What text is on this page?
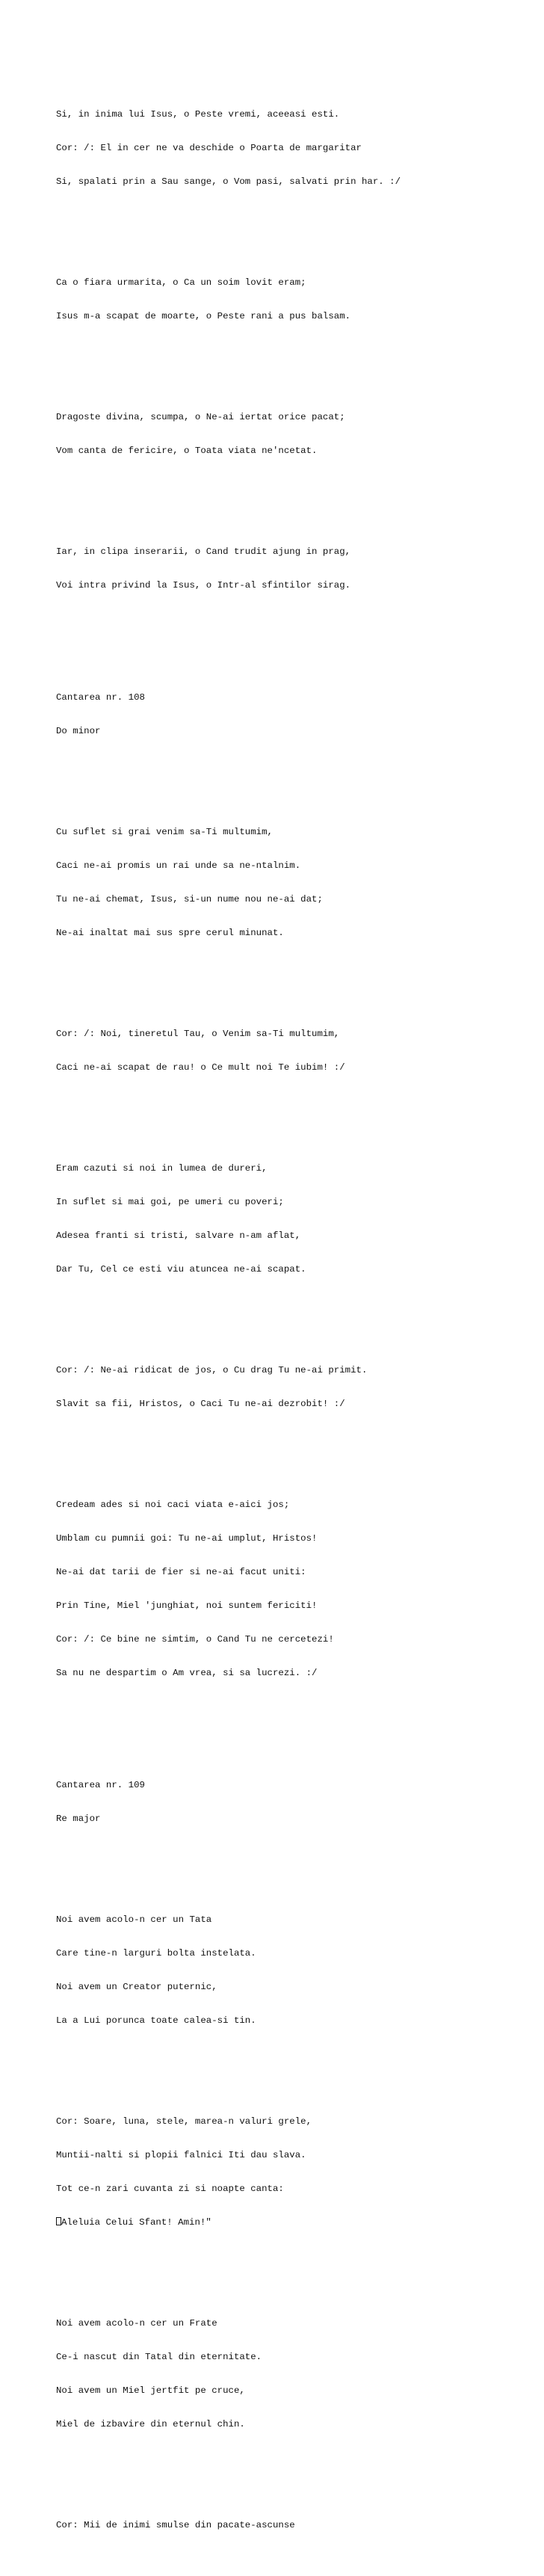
Si, in inima lui Isus, o Peste vremi, aceeasi esti.

Cor: /: El in cer ne va deschide o Poarta de margaritar

Si, spalati prin a Sau sange, o Vom pasi, salvati prin har. :/

Ca o fiara urmarita, o Ca un soim lovit eram;

Isus m-a scapat de moarte, o Peste rani a pus balsam.

Dragoste divina, scumpa, o Ne-ai iertat orice pacat;

Vom canta de fericire, o Toata viata ne'ncetat.

Iar, in clipa inserarii, o Cand trudit ajung in prag,

Voi intra privind la Isus, o Intr-al sfintilor sirag.

Cantarea nr. 108

Do minor

Cu suflet si grai venim sa-Ti multumim,

Caci ne-ai promis un rai unde sa ne-ntalnim.

Tu ne-ai chemat, Isus, si-un nume nou ne-ai dat;

Ne-ai inaltat mai sus spre cerul minunat.

Cor: /: Noi, tineretul Tau, o Venim sa-Ti multumim,

Caci ne-ai scapat de rau! o Ce mult noi Te iubim! :/

Eram cazuti si noi in lumea de dureri,

In suflet si mai goi, pe umeri cu poveri;

Adesea franti si tristi, salvare n-am aflat,

Dar Tu, Cel ce esti viu atuncea ne-ai scapat.

Cor: /: Ne-ai ridicat de jos, o Cu drag Tu ne-ai primit.

Slavit sa fii, Hristos, o Caci Tu ne-ai dezrobit! :/

Credeam ades si noi caci viata e-aici jos;

Umblam cu pumnii goi: Tu ne-ai umplut, Hristos!

Ne-ai dat tarii de fier si ne-ai facut uniti:

Prin Tine, Miel 'junghiat, noi suntem fericiti!

Cor: /: Ce bine ne simtim, o Cand Tu ne cercetezi!

Sa nu ne despartim o Am vrea, si sa lucrezi. :/

Cantarea nr. 109

Re major

Noi avem acolo-n cer un Tata

Care tine-n larguri bolta instelata.

Noi avem un Creator puternic,

La a Lui porunca toate calea-si tin.

Cor: Soare, luna, stele, marea-n valuri grele,

Muntii-nalti si plopii falnici Iti dau slava.

Tot ce-n zari cuvanta zi si noapte canta:

Aleluia Celui Sfant! Amin!"

Noi avem acolo-n cer un Frate

Ce-i nascut din Tatal din eternitate.

Noi avem un Miel jertfit pe cruce,

Miel de izbavire din eternul chin.

Cor: Mii de inimi smulse din pacate-ascunse
